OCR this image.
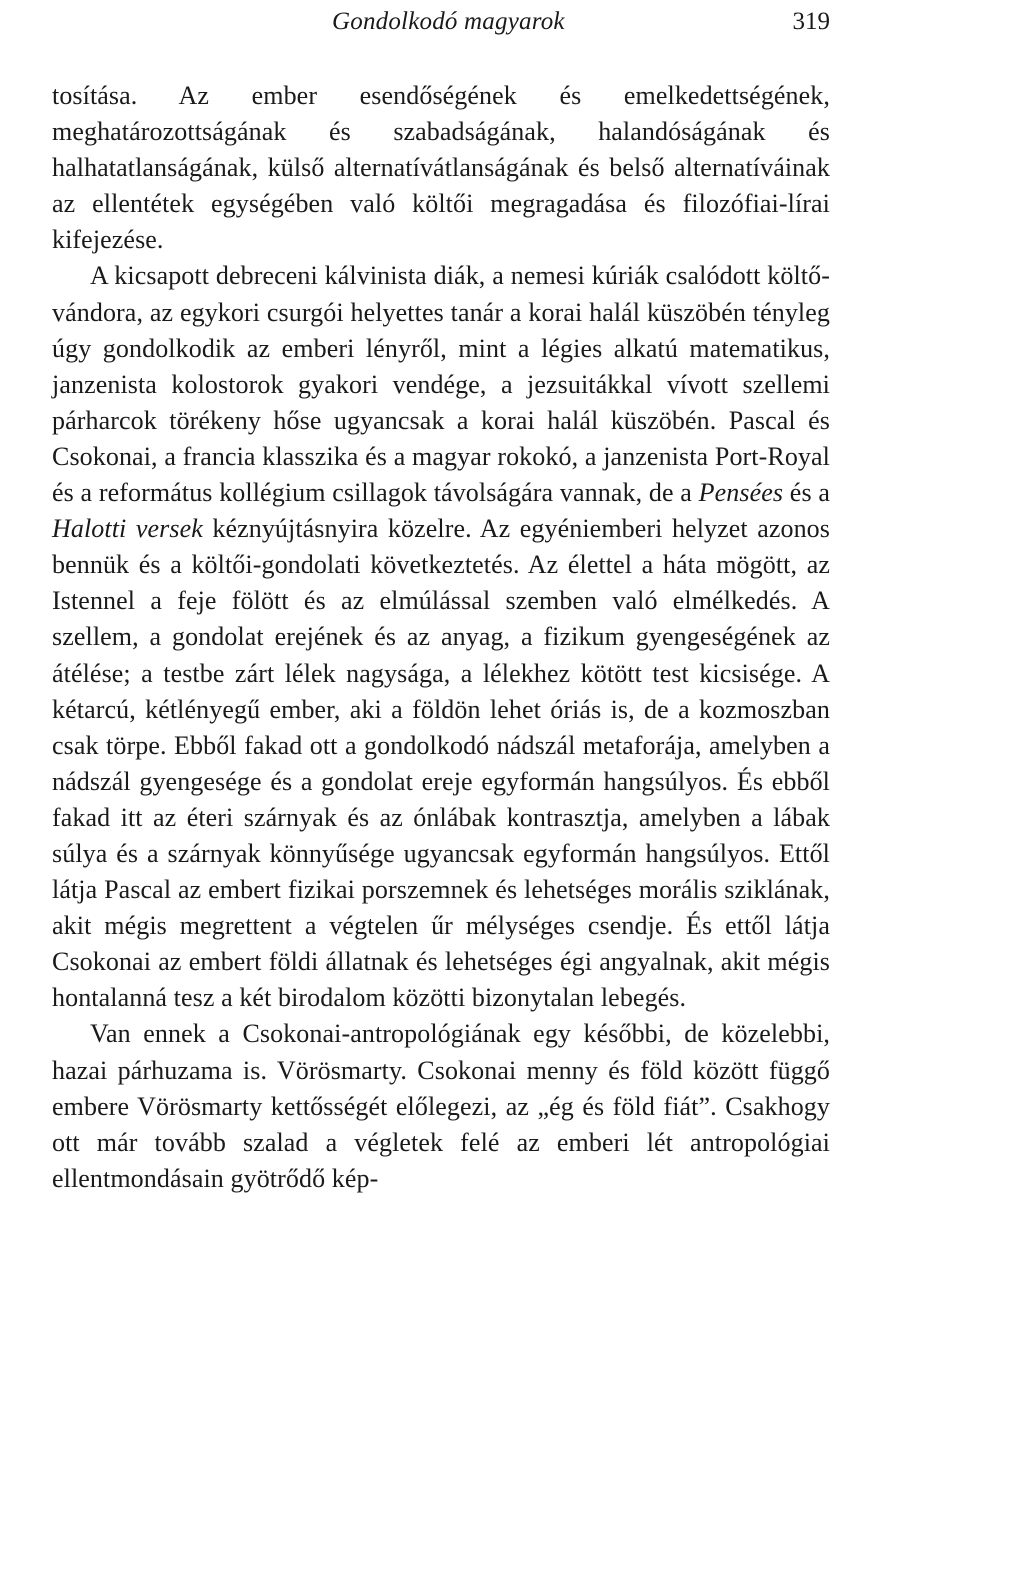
Gondolkodó magyarok	319

tosítása. Az ember esendőségének és emelkedettségének, meghatározottságának és szabadságának, halandóságának és halhatatlanságának, külső alternatívátlanságának és belső alternatíváinak az ellentétek egységében való költői megragadása és filozófiai-lírai kifejezése.

A kicsapott debreceni kálvinista diák, a nemesi kúriák csalódott költő-vándora, az egykori csurgói helyettes tanár a korai halál küszöbén tényleg úgy gondolkodik az emberi lényről, mint a légies alkatú matematikus, janzenista kolostorok gyakori vendége, a jezsuitákkal vívott szellemi párharcok törékeny hőse ugyancsak a korai halál küszöbén. Pascal és Csokonai, a francia klasszika és a magyar rokokó, a janzenista Port-Royal és a református kollégium csillagok távolságára vannak, de a Pensées és a Halotti versek kéznyújtásnyira közelre. Az egyéniemberi helyzet azonos bennük és a költői-gondolati következtetés. Az élettel a háta mögött, az Istennel a feje fölött és az elmúlással szemben való elmélkedés. A szellem, a gondolat erejének és az anyag, a fizikum gyengeségének az átélése; a testbe zárt lélek nagysága, a lélekhez kötött test kicsisége. A kétarcú, kétlényegű ember, aki a földön lehet óriás is, de a kozmoszban csak törpe. Ebből fakad ott a gondolkodó nádszál metaforája, amelyben a nádszál gyengesége és a gondolat ereje egyformán hangsúlyos. És ebből fakad itt az éteri szárnyak és az ónlábak kontrasztja, amelyben a lábak súlya és a szárnyak könnyűsége ugyancsak egyformán hangsúlyos. Ettől látja Pascal az embert fizikai porszemnek és lehetséges morális sziklának, akit mégis megrettent a végtelen űr mélységes csendje. És ettől látja Csokonai az embert földi állatnak és lehetséges égi angyalnak, akit mégis hontalanná tesz a két birodalom közötti bizonytalan lebegés.

Van ennek a Csokonai-antropológiának egy későbbi, de közelebbi, hazai párhuzama is. Vörösmarty. Csokonai menny és föld között függő embere Vörösmarty kettősségét előlegezi, az „ég és föld fiát”. Csakhogy ott már tovább szalad a végletek felé az emberi lét antropológiai ellentmondásain gyötrődő kép-
